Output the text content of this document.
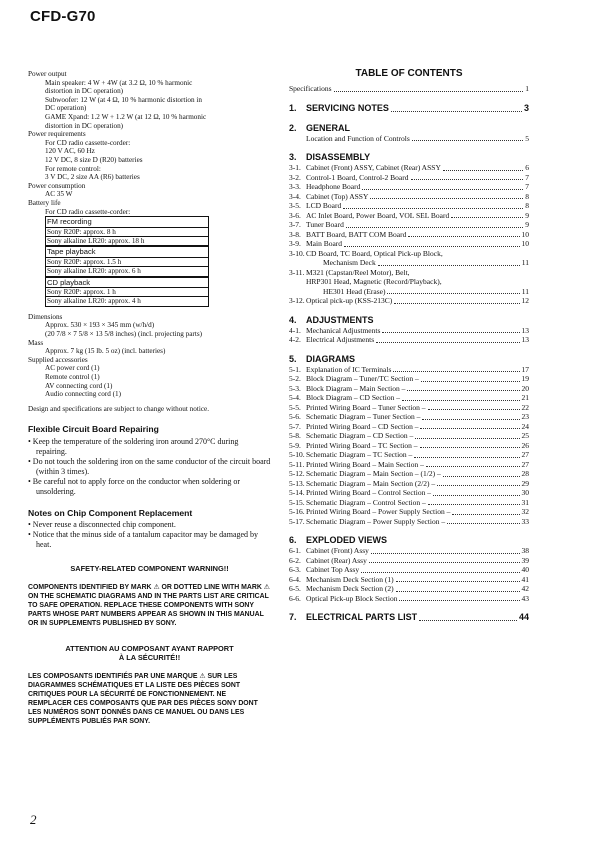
CFD-G70
Power output
Main speaker: 4 W + 4W (at 3.2 Ω, 10 % harmonic
distortion in DC operation)
Subwoofer: 12 W (at 4 Ω, 10 % harmonic distortion in
DC operation)
GAME Xpand: 1.2 W + 1.2 W (at 12 Ω, 10 % harmonic
distortion in DC operation)
Power requirements
For CD radio cassette-corder:
120 V AC, 60 Hz
12 V DC, 8 size D (R20) batteries
For remote control:
3 V DC, 2 size AA (R6) batteries
Power consumption
AC 35 W
Battery life
For CD radio cassette-corder:
FM recording
Sony R20P: approx. 8 h
Sony alkaline LR20: approx. 18 h
Tape playback
Sony R20P: approx. 1.5 h
Sony alkaline LR20: approx. 6 h
CD playback
Sony R20P: approx. 1 h
Sony alkaline LR20: approx. 4 h
Dimensions
Approx. 530 × 193 × 345 mm (w/h/d)
(20 7/8 × 7 5/8 × 13 5/8 inches) (incl. projecting parts)
Mass
Approx. 7 kg (15 lb. 5 oz) (incl. batteries)
Supplied accessories
AC power cord (1)
Remote control (1)
AV connecting cord (1)
Audio connecting cord (1)
Design and specifications are subject to change without notice.
Flexible Circuit Board Repairing
• Keep the temperature of the soldering iron around 270°C during repairing.
• Do not touch the soldering iron on the same conductor of the circuit board (within 3 times).
• Be careful not to apply force on the conductor when soldering or unsoldering.
Notes on Chip Component Replacement
• Never reuse a disconnected chip component.
• Notice that the minus side of a tantalum capacitor may be damaged by heat.
SAFETY-RELATED COMPONENT WARNING!!
COMPONENTS IDENTIFIED BY MARK ⚠ OR DOTTED LINE WITH MARK ⚠ ON THE SCHEMATIC DIAGRAMS AND IN THE PARTS LIST ARE CRITICAL TO SAFE OPERATION. REPLACE THESE COMPONENTS WITH SONY PARTS WHOSE PART NUMBERS APPEAR AS SHOWN IN THIS MANUAL OR IN SUPPLEMENTS PUBLISHED BY SONY.
ATTENTION AU COMPOSANT AYANT RAPPORT
À LA SÉCURITÉ!!
LES COMPOSANTS IDENTIFIÉS PAR UNE MARQUE ⚠ SUR LES DIAGRAMMES SCHÉMATIQUES ET LA LISTE DES PIÈCES SONT CRITIQUES POUR LA SÉCURITÉ DE FONCTIONNEMENT. NE REMPLACER CES COMPOSANTS QUE PAR DES PIÈCES SONY DONT LES NUMÉROS SONT DONNÉS DANS CE MANUEL OU DANS LES SUPPLÉMENTS PUBLIÉS PAR SONY.
2
TABLE OF CONTENTS
Specifications	1
1. SERVICING NOTES	3
2. GENERAL
Location and Function of Controls	5
3. DISASSEMBLY
3-1. Cabinet (Front) ASSY, Cabinet (Rear) ASSY	6
3-2. Control-1 Board, Control-2 Board	7
3-3. Headphone Board	7
3-4. Cabinet (Top) ASSY	8
3-5. LCD Board	8
3-6. AC Inlet Board, Power Board, VOL SEL Board	9
3-7. Tuner Board	9
3-8. BATT Board, BATT COM Board	10
3-9. Main Board	10
3-10.CD Board, TC Board, Optical Pick-up Block,
Mechanism Deck	11
3-11. M321 (Capstan/Reel Motor), Belt,
HRP301 Head, Magnetic (Record/Playback),
HE301 Head (Erase)	11
3-12.Optical pick-up (KSS-213C)	12
4. ADJUSTMENTS
4-1. Mechanical Adjustments	13
4-2. Electrical Adjustments	13
5. DIAGRAMS
5-1. Explanation of IC Terminals	17
5-2. Block Diagram – Tuner/TC Section –	19
5-3. Block Diagram – Main Section –	20
5-4. Block Diagram – CD Section –	21
5-5. Printed Wiring Board – Tuner Section –	22
5-6. Schematic Diagram – Tuner Section –	23
5-7. Printed Wiring Board – CD Section –	24
5-8. Schematic Diagram – CD Section –	25
5-9. Printed Wiring Board – TC Section –	26
5-10.Schematic Diagram – TC Section –	27
5-11. Printed Wiring Board – Main Section –	27
5-12.Schematic Diagram – Main Section – (1/2) –	28
5-13.Schematic Diagram – Main Section (2/2) –	29
5-14.Printed Wiring Board – Control Section –	30
5-15.Schematic Diagram – Control Section –	31
5-16.Printed Wiring Board – Power Supply Section –	32
5-17.Schematic Diagram – Power Supply Section –	33
6. EXPLODED VIEWS
6-1. Cabinet (Front) Assy	38
6-2. Cabinet (Rear) Assy	39
6-3. Cabinet Top Assy	40
6-4. Mechanism Deck Section (1)	41
6-5. Mechanism Deck Section (2)	42
6-6. Optical Pick-up Block Section	43
7. ELECTRICAL PARTS LIST	44
